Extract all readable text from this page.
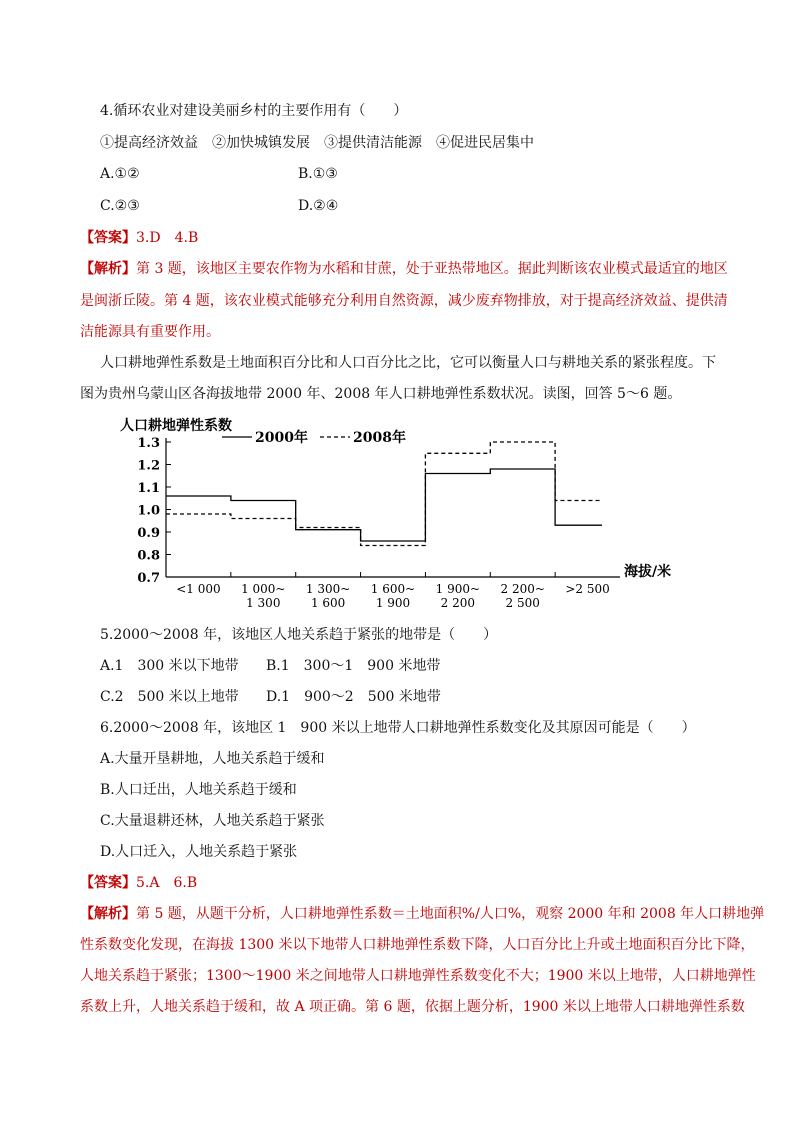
4.循环农业对建设美丽乡村的主要作用有（　　）
①提高经济效益　②加快城镇发展　③提供清洁能源　④促进民居集中
A.①②	B.①③
C.②③	D.②④
【答案】3.D　4.B
【解析】第 3 题，该地区主要农作物为水稻和甘蔗，处于亚热带地区。据此判断该农业模式最适宜的地区
是闽浙丘陵。第 4 题，该农业模式能够充分利用自然资源，减少废弃物排放，对于提高经济效益、提供清
洁能源具有重要作用。
人口耕地弹性系数是土地面积百分比和人口百分比之比，它可以衡量人口与耕地关系的紧张程度。下
图为贵州乌蒙山区各海拔地带 2000 年、2008 年人口耕地弹性系数状况。读图，回答 5～6 题。
人口耕地弹性系数
海拔/米
1.3
1.2
1.1
1.0
0.9
0.8
0.7
<1 000 1 000~
1 300
1 300~
1 600
1 600~
1 900
1 900~
2 200
2 200~
2 500
>2 500
2000年	2008年
5.2000～2008 年，该地区人地关系趋于紧张的地带是（　　）
A.1　300 米以下地带 B.1　300～1　900 米地带
C.2　500 米以上地带 D.1　900～2　500 米地带
6.2000～2008 年，该地区 1　900 米以上地带人口耕地弹性系数变化及其原因可能是（　　）
A.大量开垦耕地，人地关系趋于缓和
B.人口迁出，人地关系趋于缓和
C.大量退耕还林，人地关系趋于紧张
D.人口迁入，人地关系趋于紧张
【答案】5.A　6.B
【解析】第 5 题，从题干分析，人口耕地弹性系数＝土地面积%/人口%，观察 2000 年和 2008 年人口耕地弹
性系数变化发现，在海拔 1300 米以下地带人口耕地弹性系数下降，人口百分比上升或土地面积百分比下降，
人地关系趋于紧张；1300～1900 米之间地带人口耕地弹性系数变化不大；1900 米以上地带，人口耕地弹性
系数上升，人地关系趋于缓和，故 A 项正确。第 6 题，依据上题分析，1900 米以上地带人口耕地弹性系数
